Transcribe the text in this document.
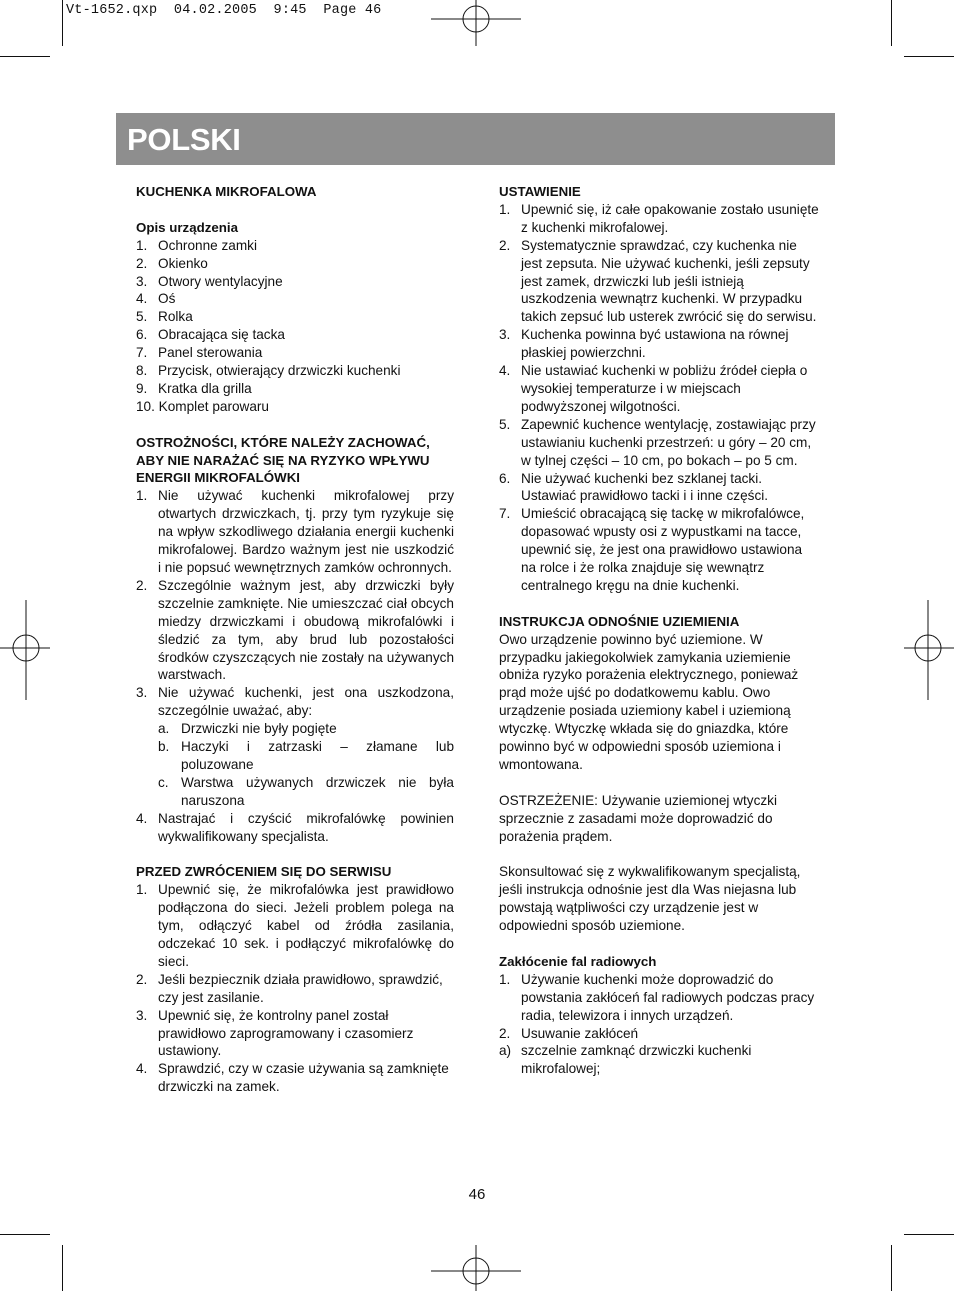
Vt-1652.qxp  04.02.2005  9:45  Page 46
POLSKI
KUCHENKA MIKROFALOWA
Opis urządzenia
1. Ochronne zamki
2. Okienko
3. Otwory wentylacyjne
4. Oś
5. Rolka
6. Obracająca się tacka
7. Panel sterowania
8. Przycisk, otwierający drzwiczki kuchenki
9. Kratka dla grilla
10. Komplet parowaru
OSTROŻNOŚCI, KTÓRE NALEŻY ZACHOWAĆ, ABY NIE NARAŻAĆ SIĘ NA RYZYKO WPŁYWU ENERGII MIKROFALÓWKI
1. Nie używać kuchenki mikrofalowej przy otwartych drzwiczkach, tj. przy tym ryzykuje się na wpływ szkodliwego działania energii kuchenki mikrofalowej. Bardzo ważnym jest nie uszkodzić i nie popsuć wewnętrznych zamków ochronnych.
2. Szczególnie ważnym jest, aby drzwiczki były szczelnie zamknięte. Nie umieszczać ciał obcych miedzy drzwiczkami i obudową mikrofalówki i śledzić za tym, aby brud lub pozostałości środków czyszczących nie zostały na używanych warstwach.
3. Nie używać kuchenki, jest ona uszkodzona, szczególnie uważać, aby:
a. Drzwiczki nie były pogięte
b. Haczyki i zatrzaski – złamane lub poluzowane
c. Warstwa używanych drzwiczek nie była naruszona
4. Nastrajać i czyścić mikrofalówkę powinien wykwalifikowany specjalista.
PRZED ZWRÓCENIEM SIĘ DO SERWISU
1. Upewnić się, że mikrofalówka jest prawidłowo podłączona do sieci. Jeżeli problem polega na tym, odłączyć kabel od źródła zasilania, odczekać 10 sek. i podłączyć mikrofalówkę do sieci.
2. Jeśli bezpiecznik działa prawidłowo, sprawdzić, czy jest zasilanie.
3. Upewnić się, że kontrolny panel został prawidłowo zaprogramowany i czasomierz ustawiony.
4. Sprawdzić, czy w czasie używania są zamknięte drzwiczki na zamek.
USTAWIENIE
1. Upewnić się, iż całe opakowanie zostało usunięte z kuchenki mikrofalowej.
2. Systematycznie sprawdzać, czy kuchenka nie jest zepsuta. Nie używać kuchenki, jeśli zepsuty jest zamek, drzwiczki lub jeśli istnieją uszkodzenia wewnątrz kuchenki. W przypadku takich zepsuć lub usterek zwrócić się do serwisu.
3. Kuchenka powinna być ustawiona na równej płaskiej powierzchni.
4. Nie ustawiać kuchenki w pobliżu źródeł ciepła o wysokiej temperaturze i w miejscach podwyższonej wilgotności.
5. Zapewnić kuchence wentylację, zostawiając przy ustawianiu kuchenki przestrzeń: u góry – 20 cm, w tylnej części – 10 cm, po bokach – po 5 cm.
6. Nie używać kuchenki bez szklanej tacki. Ustawiać prawidłowo tacki i i inne części.
7. Umieścić obracającą się tackę w mikrofalówce, dopasować wpusty osi z wypustkami na tacce, upewnić się, że jest ona prawidłowo ustawiona na rolce i że rolka znajduje się wewnątrz centralnego kręgu na dnie kuchenki.
INSTRUKCJA ODNOŚNIE UZIEMIENIA

Owo urządzenie powinno być uziemione. W przypadku jakiegokolwiek zamykania uziemienie obniża ryzyko porażenia elektrycznego, ponieważ prąd może ujść po dodatkowemu kablu. Owo urządzenie posiada uziemiony kabel i uziemioną wtyczkę. Wtyczkę wkłada się do gniazdka, które powinno być w odpowiedni sposób uziemiona i wmontowana.

OSTRZEŻENIE: Używanie uziemionej wtyczki sprzecznie z zasadami może doprowadzić do porażenia prądem.

Skonsultować się z wykwalifikowanym specjalistą, jeśli instrukcja odnośnie jest dla Was niejasna lub powstają wątpliwości czy urządzenie jest w odpowiedni sposób uziemione.

Zakłócenie fal radiowych
1. Używanie kuchenki może doprowadzić do powstania zakłóceń fal radiowych podczas pracy radia, telewizora i innych urządzeń.
2. Usuwanie zakłóceń
a) szczelnie zamknąć drzwiczki kuchenki mikrofalowej;
46
